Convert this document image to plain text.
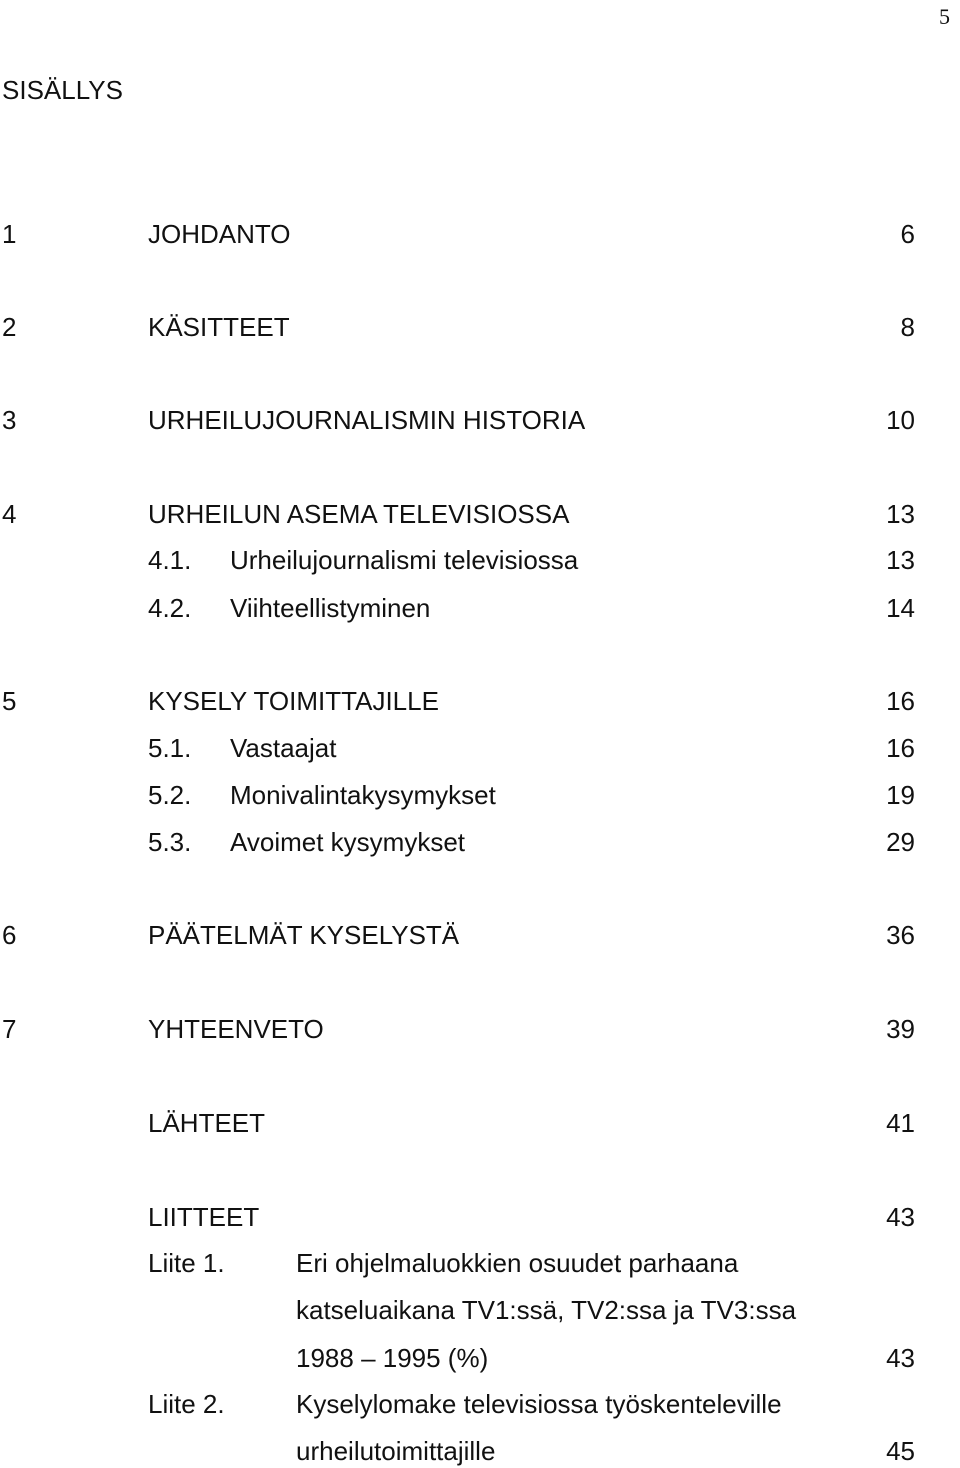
5
SISÄLLYS
1	JOHDANTO	6
2	KÄSITTEET	8
3	URHEILUJOURNALISMIN HISTORIA	10
4	URHEILUN ASEMA TELEVISIOSSA	13
4.1. Urheilujournalismi televisiossa	13
4.2. Viihteellistyminen	14
5	KYSELY TOIMITTAJILLE	16
5.1. Vastaajat	16
5.2. Monivalintakysymykset	19
5.3. Avoimet kysymykset	29
6	PÄÄTELMÄT KYSELYSTÄ	36
7	YHTEENVETO	39
LÄHTEET	41
LIITTEET	43
Liite 1.	Eri ohjelmaluokkien osuudet parhaana
katseluaikana TV1:ssä, TV2:ssa ja TV3:ssa
1988 – 1995 (%)	43
Liite 2.	Kyselylomake televisiossa työskenteleville
urheilutoimittajille	45
